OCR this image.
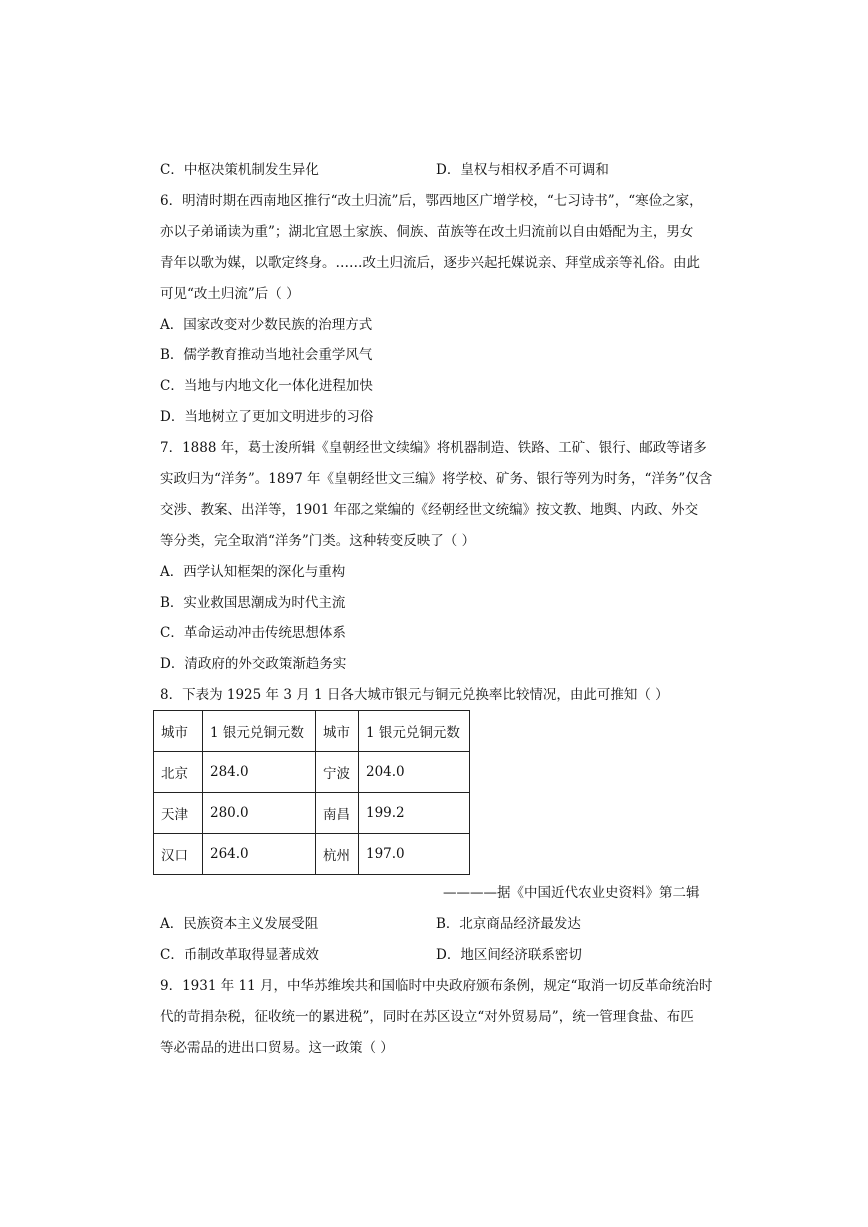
C．中枢决策机制发生异化	D．皇权与相权矛盾不可调和
6．明清时期在西南地区推行“改土归流”后，鄂西地区广增学校，“七习诗书”，“寒俭之家，
亦以子弟诵读为重”；湖北宜恩土家族、侗族、苗族等在改土归流前以自由婚配为主，男女
青年以歌为媒，以歌定终身。……改土归流后，逐步兴起托媒说亲、拜堂成亲等礼俗。由此
可见“改土归流”后（ ）
A．国家改变对少数民族的治理方式
B．儒学教育推动当地社会重学风气
C．当地与内地文化一体化进程加快
D．当地树立了更加文明进步的习俗
7．1888 年，葛士浚所辑《皇朝经世文续编》将机器制造、铁路、工矿、银行、邮政等诸多
实政归为“洋务”。1897 年《皇朝经世文三编》将学校、矿务、银行等列为时务，“洋务”仅含
交涉、教案、出洋等，1901 年邵之棠编的《经朝经世文统编》按文教、地舆、内政、外交
等分类，完全取消“洋务”门类。这种转变反映了（ ）
A．西学认知框架的深化与重构
B．实业救国思潮成为时代主流
C．革命运动冲击传统思想体系
D．清政府的外交政策渐趋务实
8．下表为 1925 年 3 月 1 日各大城市银元与铜元兑换率比较情况，由此可推知（ ）
城市	1 银元兑铜元数	城市	1 银元兑铜元数
北京	284.0	宁波	204.0
天津	280.0	南昌	199.2
汉口	264.0	杭州	197.0
————据《中国近代农业史资料》第二辑
A．民族资本主义发展受阻	B．北京商品经济最发达
C．币制改革取得显著成效	D．地区间经济联系密切
9．1931 年 11 月，中华苏维埃共和国临时中央政府颁布条例，规定“取消一切反革命统治时
代的苛捐杂税，征收统一的累进税”，同时在苏区设立“对外贸易局”，统一管理食盐、布匹
等必需品的进出口贸易。这一政策（ ）
